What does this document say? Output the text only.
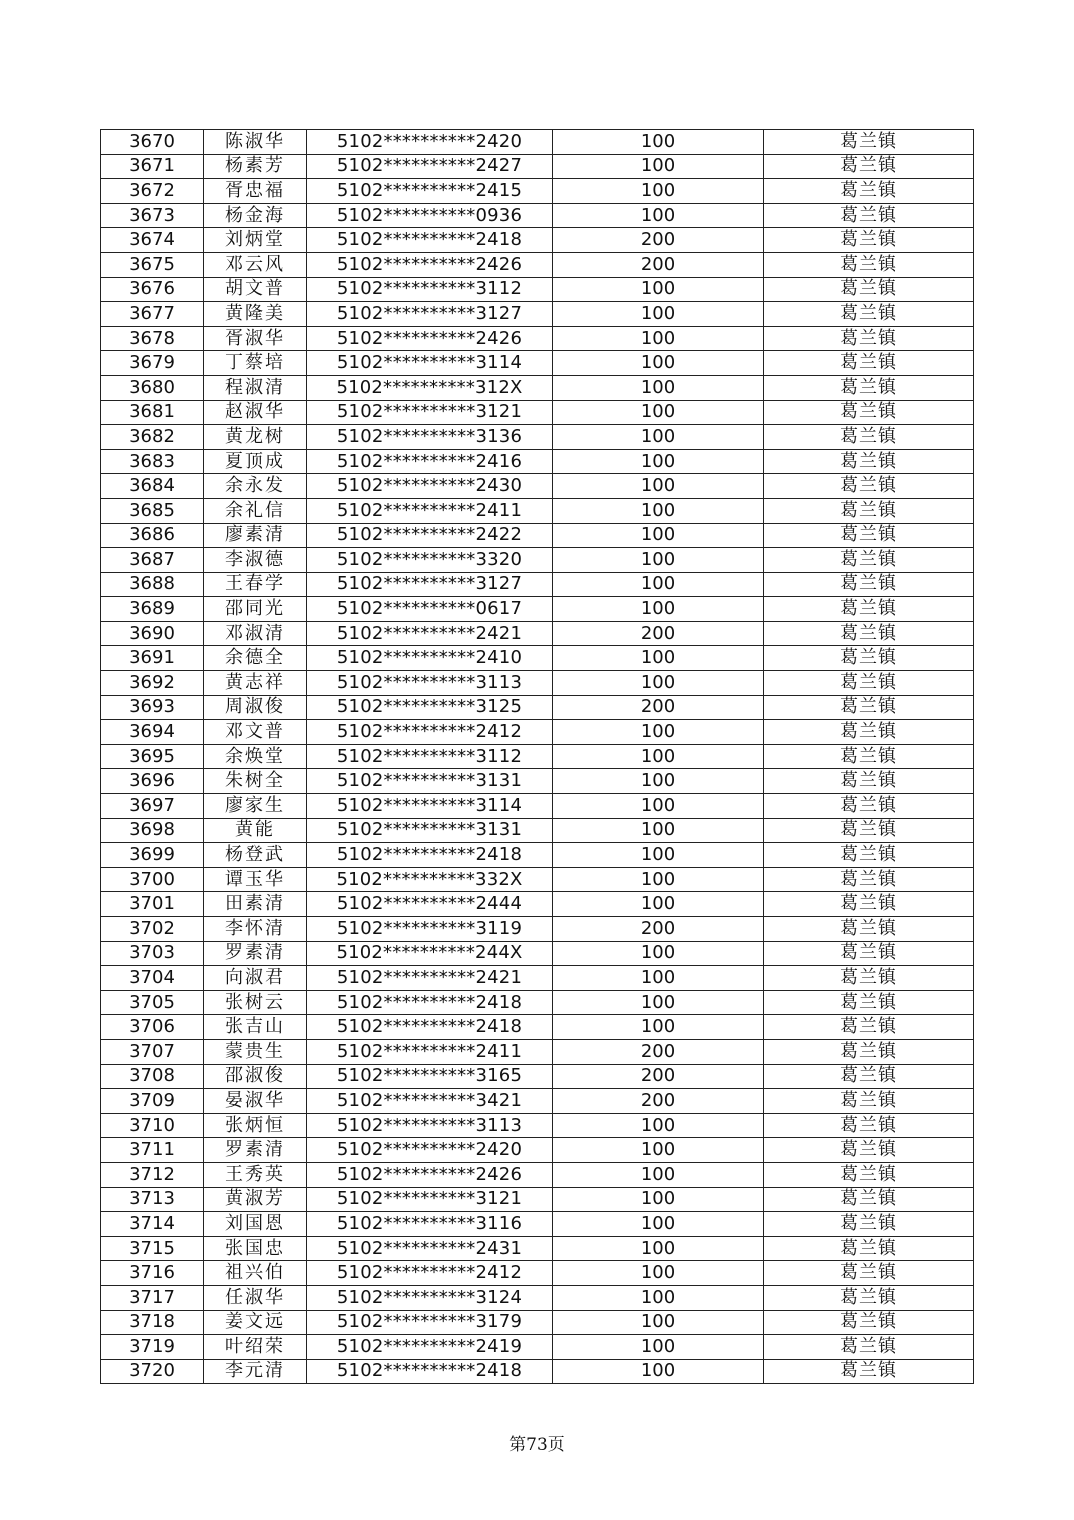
3670	陈淑华	5102**********2420	100	葛兰镇
3671	杨素芳	5102**********2427	100	葛兰镇
3672	胥忠福	5102**********2415	100	葛兰镇
3673	杨金海	5102**********0936	100	葛兰镇
3674	刘炳堂	5102**********2418	200	葛兰镇
3675	邓云风	5102**********2426	200	葛兰镇
3676	胡文普	5102**********3112	100	葛兰镇
3677	黄隆美	5102**********3127	100	葛兰镇
3678	胥淑华	5102**********2426	100	葛兰镇
3679	丁蔡培	5102**********3114	100	葛兰镇
3680	程淑清	5102**********312X	100	葛兰镇
3681	赵淑华	5102**********3121	100	葛兰镇
3682	黄龙树	5102**********3136	100	葛兰镇
3683	夏顶成	5102**********2416	100	葛兰镇
3684	余永发	5102**********2430	100	葛兰镇
3685	余礼信	5102**********2411	100	葛兰镇
3686	廖素清	5102**********2422	100	葛兰镇
3687	李淑德	5102**********3320	100	葛兰镇
3688	王春学	5102**********3127	100	葛兰镇
3689	邵同光	5102**********0617	100	葛兰镇
3690	邓淑清	5102**********2421	200	葛兰镇
3691	余德全	5102**********2410	100	葛兰镇
3692	黄志祥	5102**********3113	100	葛兰镇
3693	周淑俊	5102**********3125	200	葛兰镇
3694	邓文普	5102**********2412	100	葛兰镇
3695	余焕堂	5102**********3112	100	葛兰镇
3696	朱树全	5102**********3131	100	葛兰镇
3697	廖家生	5102**********3114	100	葛兰镇
3698	黄能	5102**********3131	100	葛兰镇
3699	杨登武	5102**********2418	100	葛兰镇
3700	谭玉华	5102**********332X	100	葛兰镇
3701	田素清	5102**********2444	100	葛兰镇
3702	李怀清	5102**********3119	200	葛兰镇
3703	罗素清	5102**********244X	100	葛兰镇
3704	向淑君	5102**********2421	100	葛兰镇
3705	张树云	5102**********2418	100	葛兰镇
3706	张吉山	5102**********2418	100	葛兰镇
3707	蒙贵生	5102**********2411	200	葛兰镇
3708	邵淑俊	5102**********3165	200	葛兰镇
3709	晏淑华	5102**********3421	200	葛兰镇
3710	张炳恒	5102**********3113	100	葛兰镇
3711	罗素清	5102**********2420	100	葛兰镇
3712	王秀英	5102**********2426	100	葛兰镇
3713	黄淑芳	5102**********3121	100	葛兰镇
3714	刘国恩	5102**********3116	100	葛兰镇
3715	张国忠	5102**********2431	100	葛兰镇
3716	祖兴伯	5102**********2412	100	葛兰镇
3717	任淑华	5102**********3124	100	葛兰镇
3718	姜文远	5102**********3179	100	葛兰镇
3719	叶绍荣	5102**********2419	100	葛兰镇
3720	李元清	5102**********2418	100	葛兰镇
第73页
